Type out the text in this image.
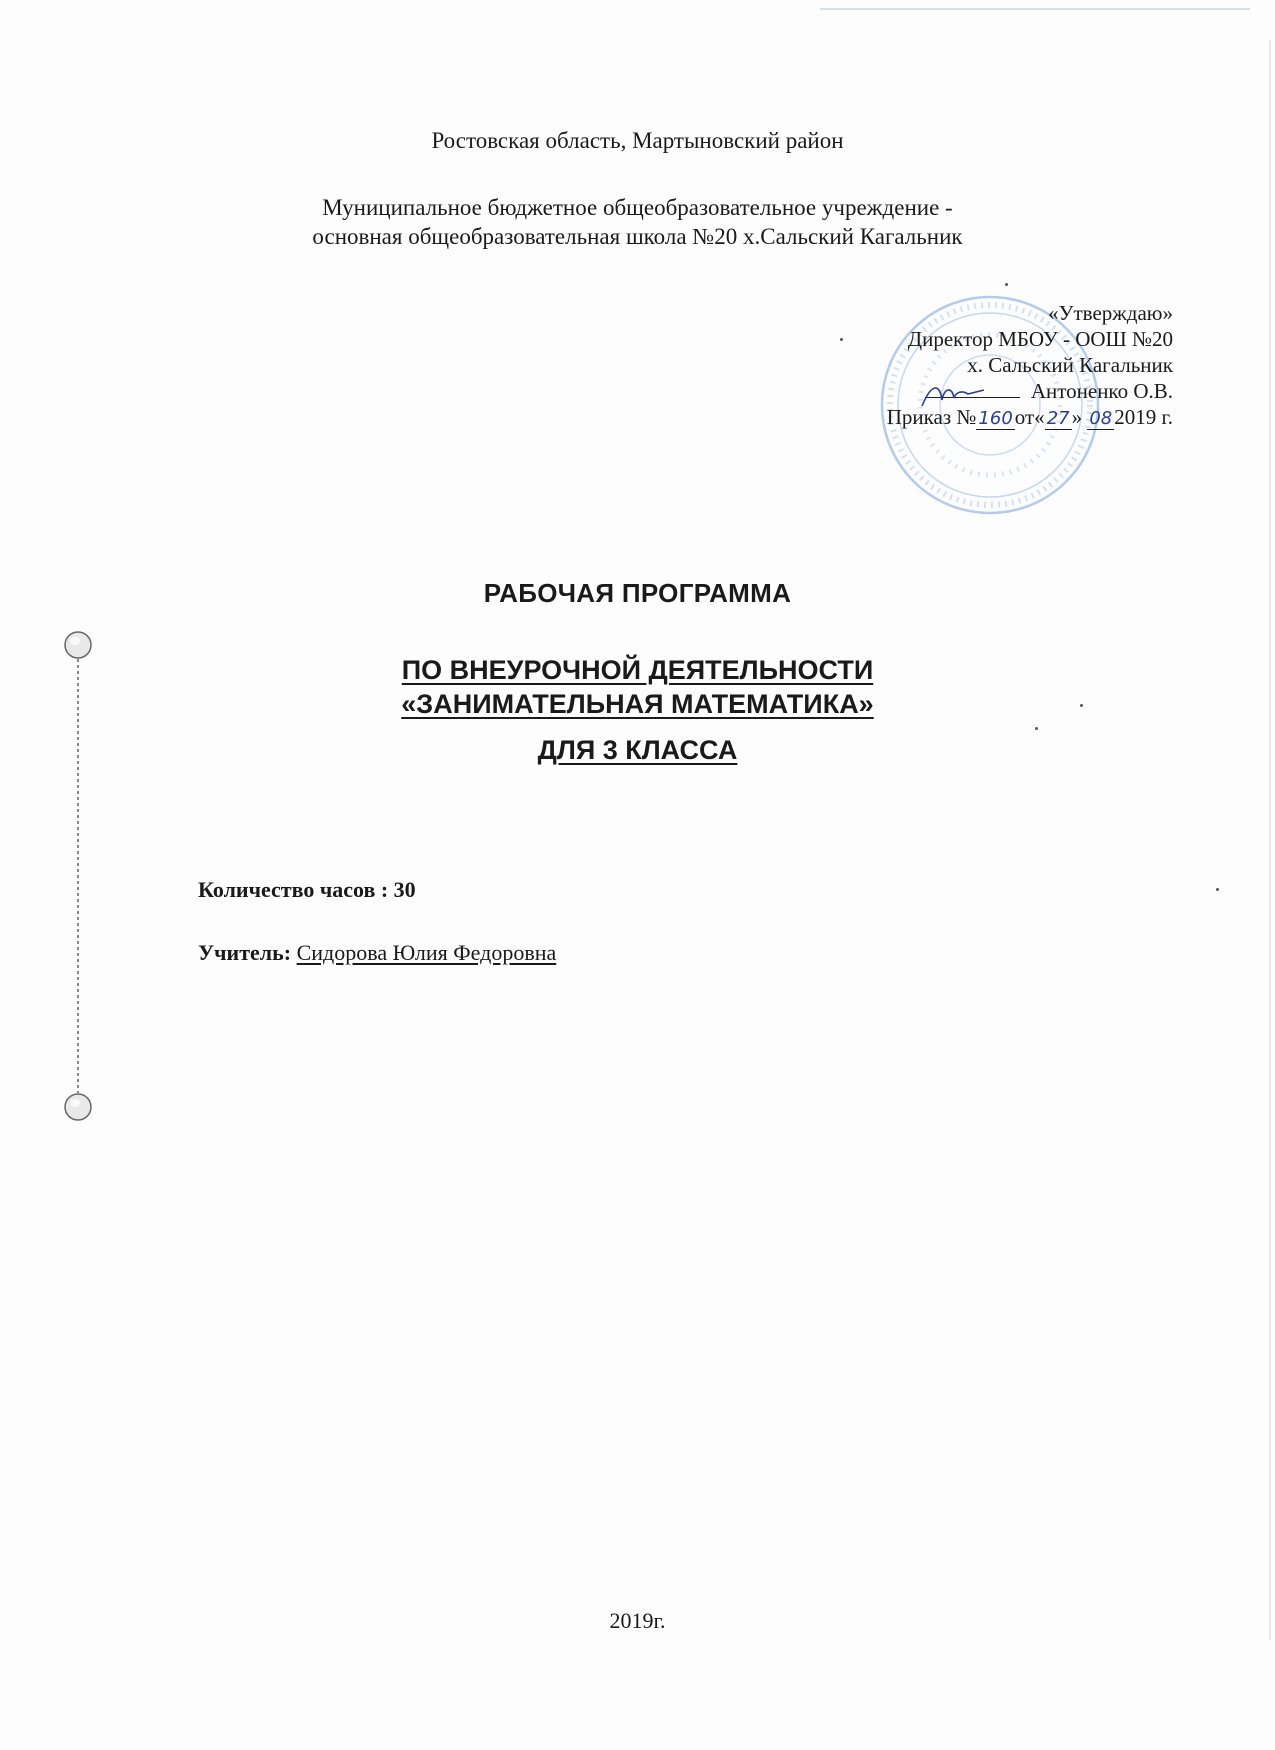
Ростовская область, Мартыновский район
Муниципальное бюджетное общеобразовательное учреждение -
основная общеобразовательная школа №20 х.Сальский Кагальник
«Утверждаю»
Директор МБОУ - ООШ №20
х. Сальский Кагальник
Антоненко О.В.
Приказ № 160от« 27» 082019 г.
РАБОЧАЯ ПРОГРАММА
ПО ВНЕУРОЧНОЙ ДЕЯТЕЛЬНОСТИ
«ЗАНИМАТЕЛЬНАЯ МАТЕМАТИКА»
ДЛЯ 3 КЛАССА
Количество часов : 30
Учитель: Сидорова Юлия Федоровна
2019г.
